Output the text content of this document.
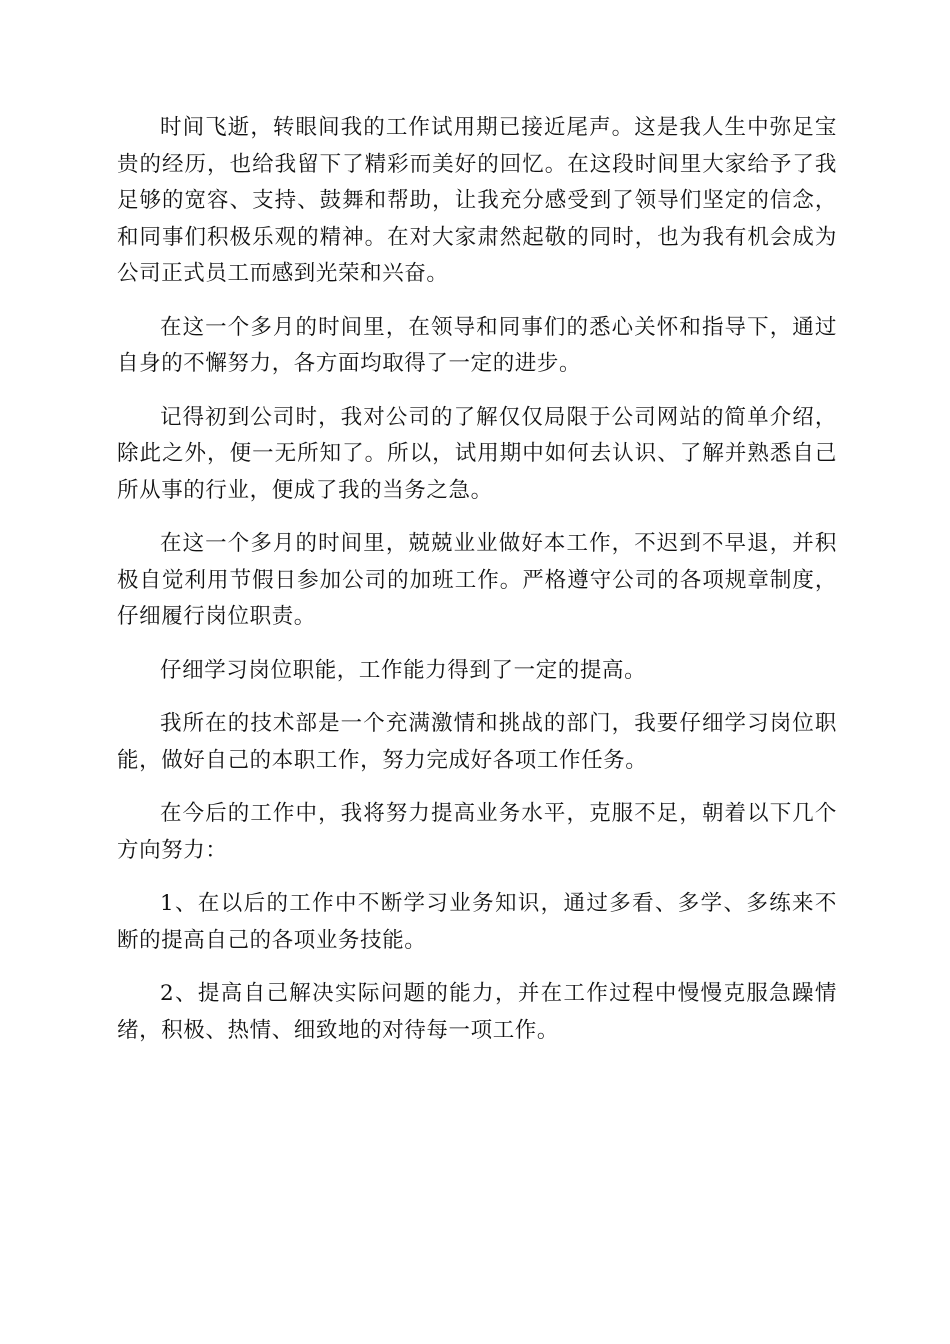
时间飞逝，转眼间我的工作试用期已接近尾声。这是我人生中弥足宝贵的经历，也给我留下了精彩而美好的回忆。在这段时间里大家给予了我足够的宽容、支持、鼓舞和帮助，让我充分感受到了领导们坚定的信念，和同事们积极乐观的精神。在对大家肃然起敬的同时，也为我有机会成为公司正式员工而感到光荣和兴奋。

在这一个多月的时间里，在领导和同事们的悉心关怀和指导下，通过自身的不懈努力，各方面均取得了一定的进步。

记得初到公司时，我对公司的了解仅仅局限于公司网站的简单介绍，除此之外，便一无所知了。所以，试用期中如何去认识、了解并熟悉自己所从事的行业，便成了我的当务之急。

在这一个多月的时间里，兢兢业业做好本工作，不迟到不早退，并积极自觉利用节假日参加公司的加班工作。严格遵守公司的各项规章制度，仔细履行岗位职责。

仔细学习岗位职能，工作能力得到了一定的提高。

我所在的技术部是一个充满激情和挑战的部门，我要仔细学习岗位职能，做好自己的本职工作，努力完成好各项工作任务。

在今后的工作中，我将努力提高业务水平，克服不足，朝着以下几个方向努力：

1、在以后的工作中不断学习业务知识，通过多看、多学、多练来不断的提高自己的各项业务技能。

2、提高自己解决实际问题的能力，并在工作过程中慢慢克服急躁情绪，积极、热情、细致地的对待每一项工作。
